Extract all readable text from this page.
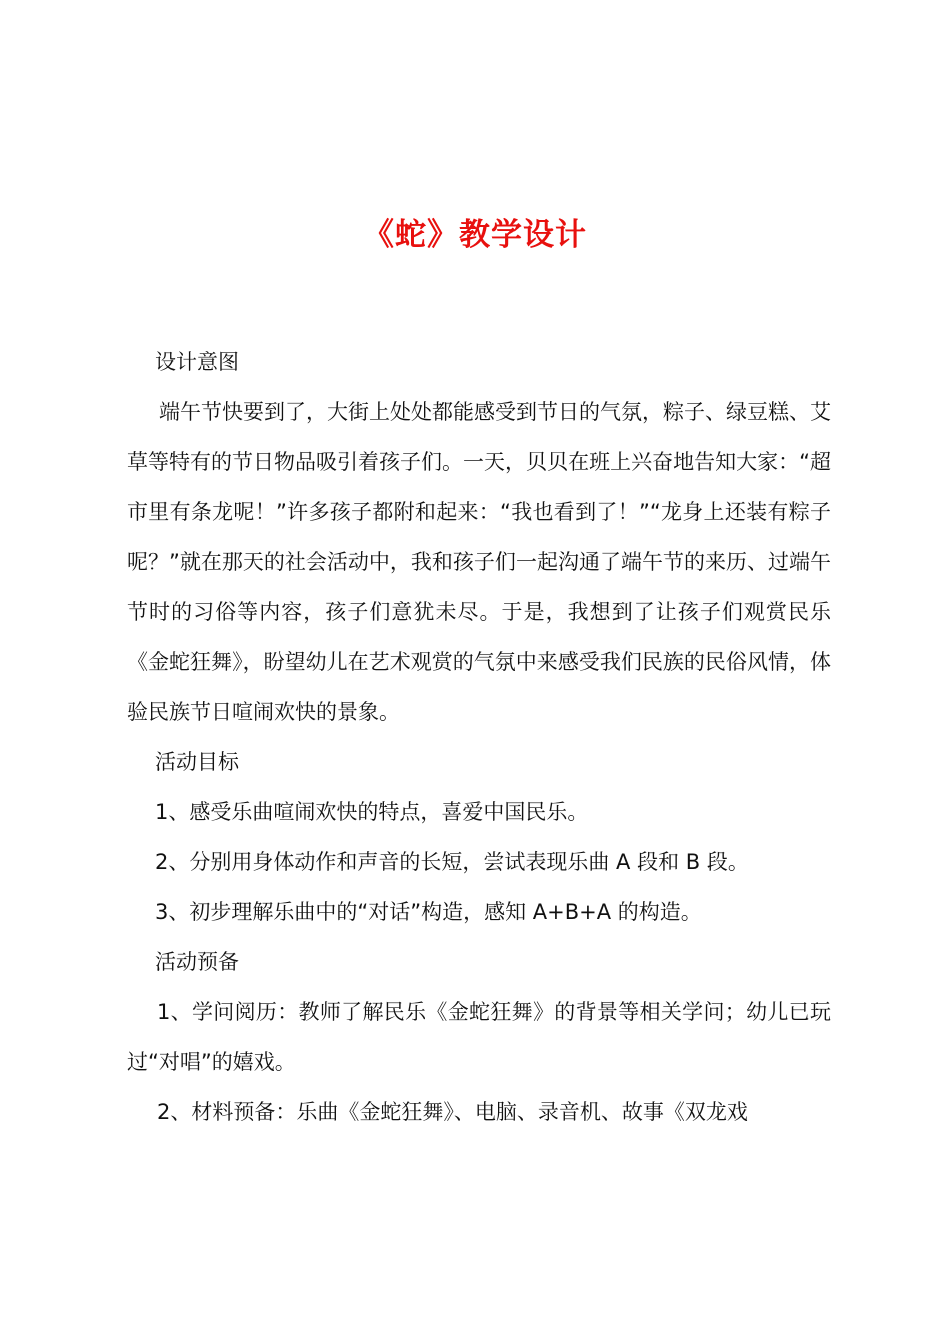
《蛇》教学设计

设计意图

端午节快要到了，大街上处处都能感受到节日的气氛，粽子、绿豆糕、艾草等特有的节日物品吸引着孩子们。一天，贝贝在班上兴奋地告知大家：“超市里有条龙呢！”许多孩子都附和起来：“我也看到了！”“龙身上还装有粽子呢？”就在那天的社会活动中，我和孩子们一起沟通了端午节的来历、过端午节时的习俗等内容，孩子们意犹未尽。于是，我想到了让孩子们观赏民乐《金蛇狂舞》，盼望幼儿在艺术观赏的气氛中来感受我们民族的民俗风情，体验民族节日喧闹欢快的景象。

活动目标

1、感受乐曲喧闹欢快的特点，喜爱中国民乐。

2、分别用身体动作和声音的长短，尝试表现乐曲 A 段和 B 段。

3、初步理解乐曲中的“对话”构造，感知 A+B+A 的构造。

活动预备

1、学问阅历：教师了解民乐《金蛇狂舞》的背景等相关学问；幼儿已玩过“对唱”的嬉戏。

2、材料预备：乐曲《金蛇狂舞》、电脑、录音机、故事《双龙戏
